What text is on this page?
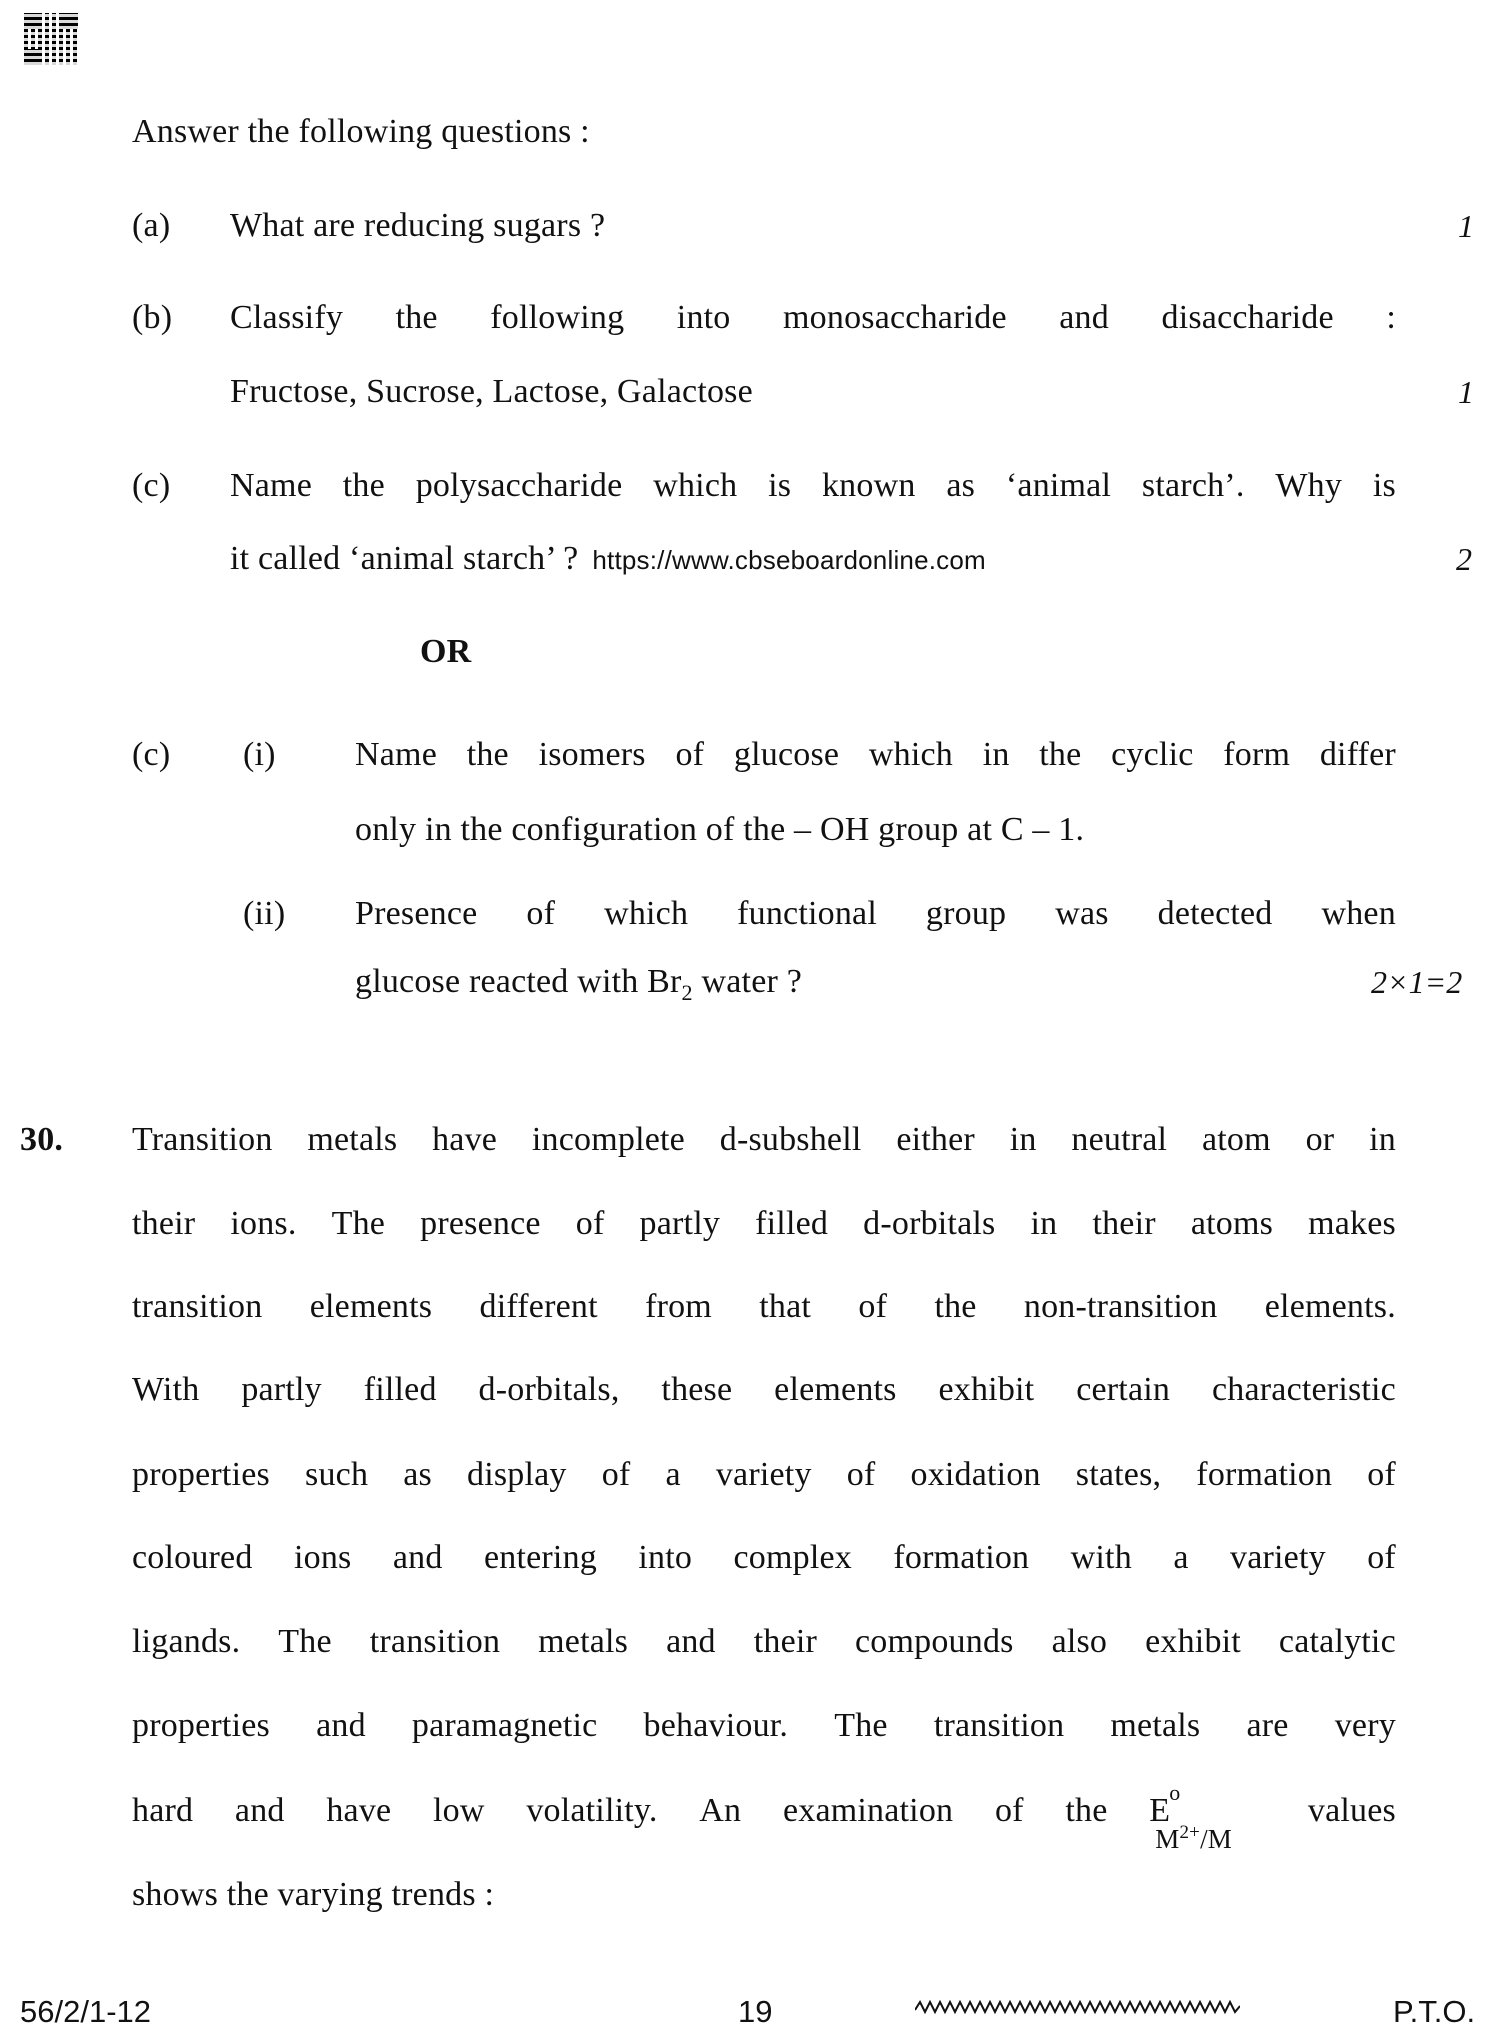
Answer the following questions :
(a) What are reducing sugars ?	1
(b) Classify the following into monosaccharide and disaccharide :
Fructose, Sucrose, Lactose, Galactose	1
(c) Name the polysaccharide which is known as ‘animal starch’. Why is
it called ‘animal starch’ ? https://www.cbseboardonline.com	2
OR
(c) (i) Name the isomers of glucose which in the cyclic form differ
only in the configuration of the – OH group at C – 1.
(ii) Presence of which functional group was detected when
glucose reacted with $Br_2$ water ?	2×1=2
30. Transition metals have incomplete d-subshell either in neutral atom or in
their ions. The presence of partly filled d-orbitals in their atoms makes
transition elements different from that of the non-transition elements.
With partly filled d-orbitals, these elements exhibit certain characteristic
properties such as display of a variety of oxidation states, formation of
coloured ions and entering into complex formation with a variety of
ligands. The transition metals and their compounds also exhibit catalytic
properties and paramagnetic behaviour. The transition metals are very
hard and have low volatility. An examination of the E o
$M^{2+}/M$
values
shows the varying trends :
56/2/1-12	19	P.T.O.
